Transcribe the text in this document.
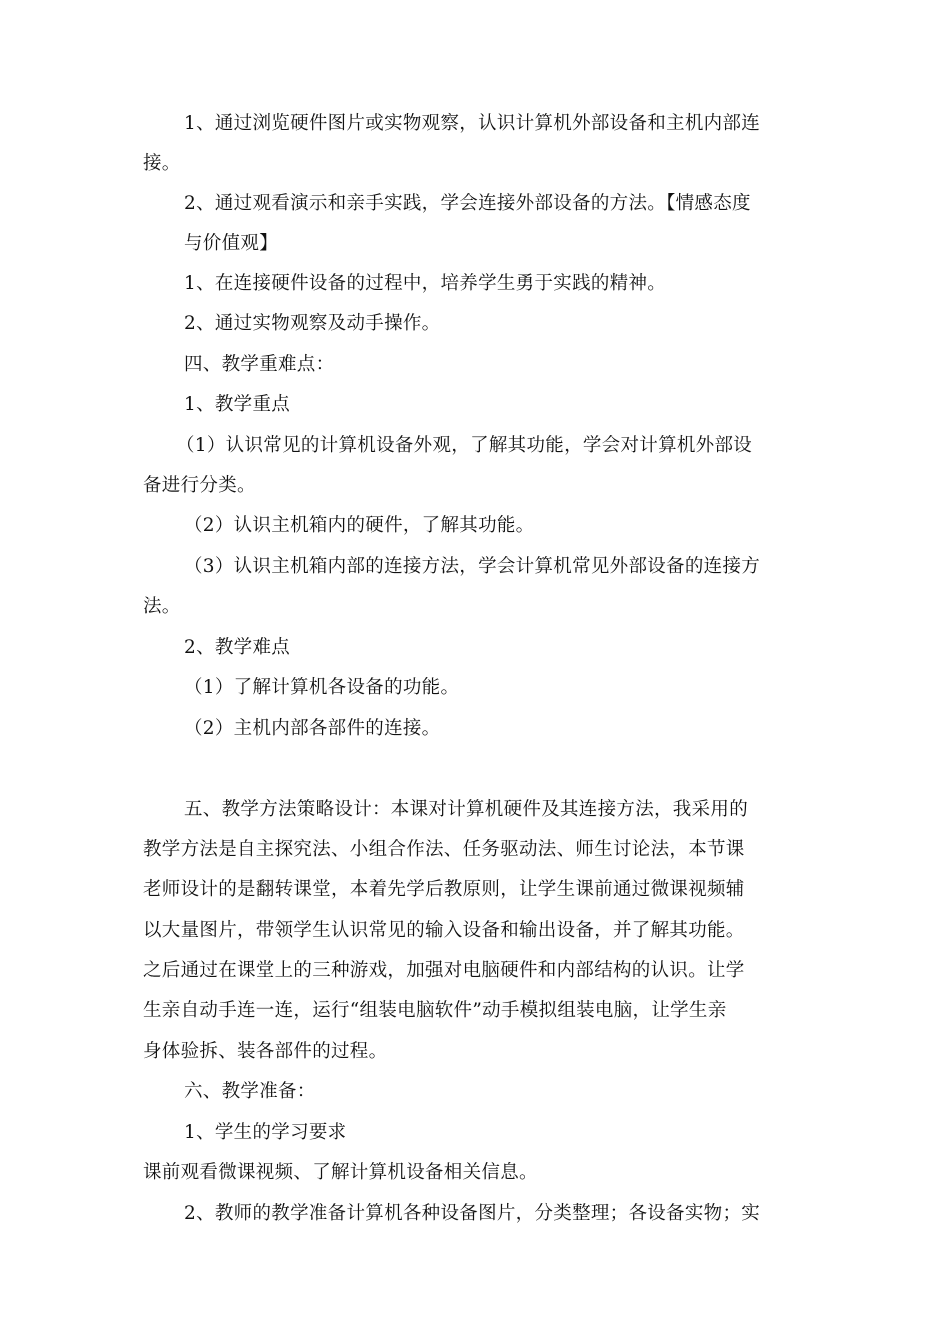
1、通过浏览硬件图片或实物观察，认识计算机外部设备和主机内部连
接。
2、通过观看演示和亲手实践，学会连接外部设备的方法。【情感态度
与价值观】
1、在连接硬件设备的过程中，培养学生勇于实践的精神。
2、通过实物观察及动手操作。
四、教学重难点：
1、教学重点
（1）认识常见的计算机设备外观，了解其功能，学会对计算机外部设
备进行分类。
（2）认识主机箱内的硬件，了解其功能。
（3）认识主机箱内部的连接方法，学会计算机常见外部设备的连接方
法。
2、教学难点
（1）了解计算机各设备的功能。
（2）主机内部各部件的连接。
五、教学方法策略设计：本课对计算机硬件及其连接方法，我采用的
教学方法是自主探究法、小组合作法、任务驱动法、师生讨论法，本节课
老师设计的是翻转课堂，本着先学后教原则，让学生课前通过微课视频辅
以大量图片，带领学生认识常见的输入设备和输出设备，并了解其功能。
之后通过在课堂上的三种游戏，加强对电脑硬件和内部结构的认识。让学
生亲自动手连一连，运行“组装电脑软件”动手模拟组装电脑，让学生亲
身体验拆、装各部件的过程。
六、教学准备：
1、学生的学习要求
课前观看微课视频、了解计算机设备相关信息。
2、教师的教学准备计算机各种设备图片，分类整理；各设备实物；实
